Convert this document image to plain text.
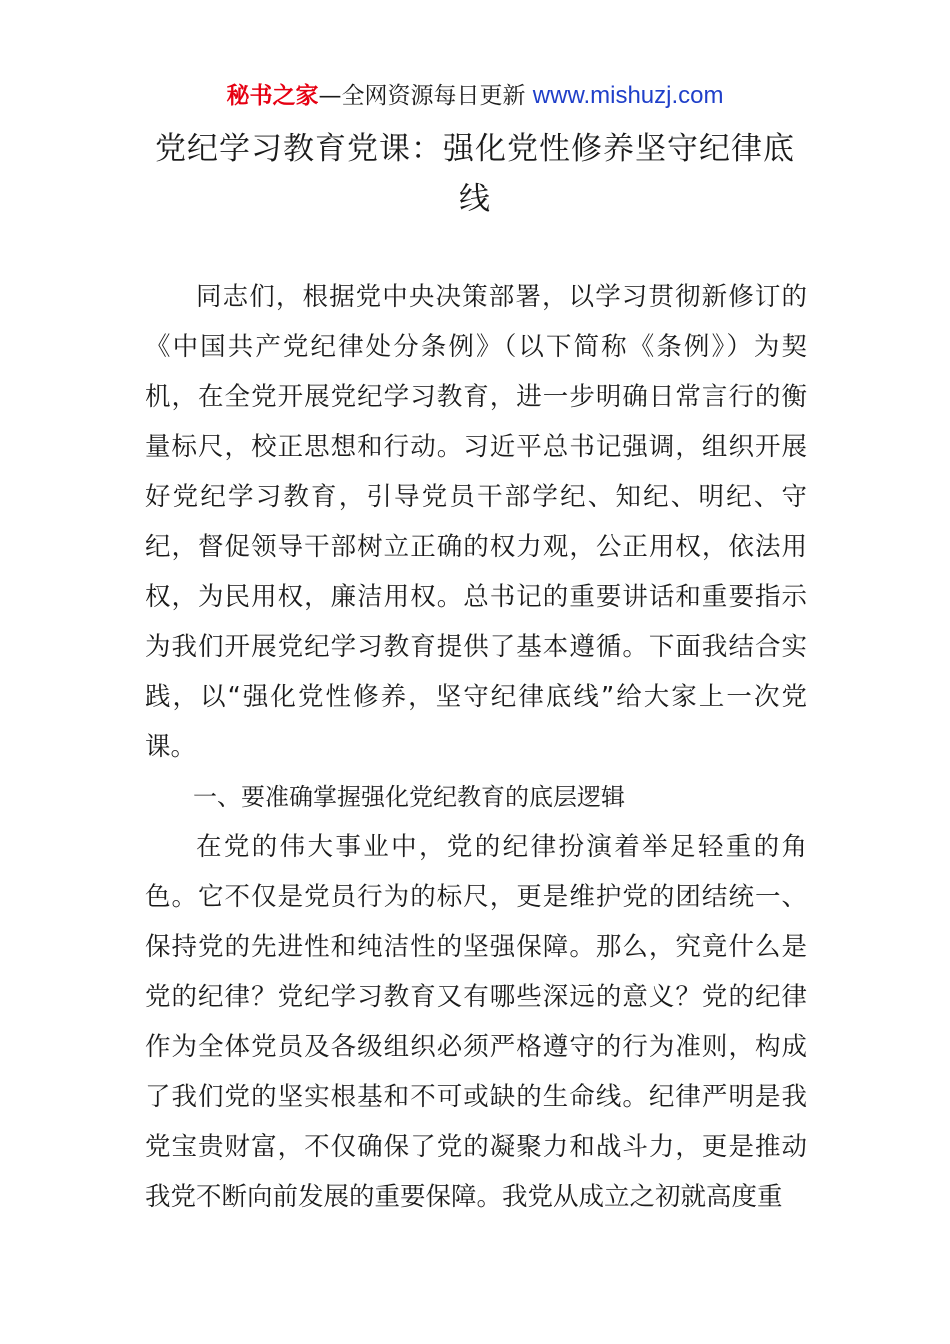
秘书之家—全网资源每日更新 www.mishuzj.com
党纪学习教育党课：强化党性修养坚守纪律底线

同志们，根据党中央决策部署，以学习贯彻新修订的《中国共产党纪律处分条例》（以下简称《条例》）为契机，在全党开展党纪学习教育，进一步明确日常言行的衡量标尺，校正思想和行动。习近平总书记强调，组织开展好党纪学习教育，引导党员干部学纪、知纪、明纪、守纪，督促领导干部树立正确的权力观，公正用权，依法用权，为民用权，廉洁用权。总书记的重要讲话和重要指示为我们开展党纪学习教育提供了基本遵循。下面我结合实践，以“强化党性修养，坚守纪律底线”给大家上一次党课。

一、要准确掌握强化党纪教育的底层逻辑

在党的伟大事业中，党的纪律扮演着举足轻重的角色。它不仅是党员行为的标尺，更是维护党的团结统一、保持党的先进性和纯洁性的坚强保障。那么，究竟什么是党的纪律？党纪学习教育又有哪些深远的意义？党的纪律作为全体党员及各级组织必须严格遵守的行为准则，构成了我们党的坚实根基和不可或缺的生命线。纪律严明是我党宝贵财富，不仅确保了党的凝聚力和战斗力，更是推动我党不断向前发展的重要保障。我党从成立之初就高度重
